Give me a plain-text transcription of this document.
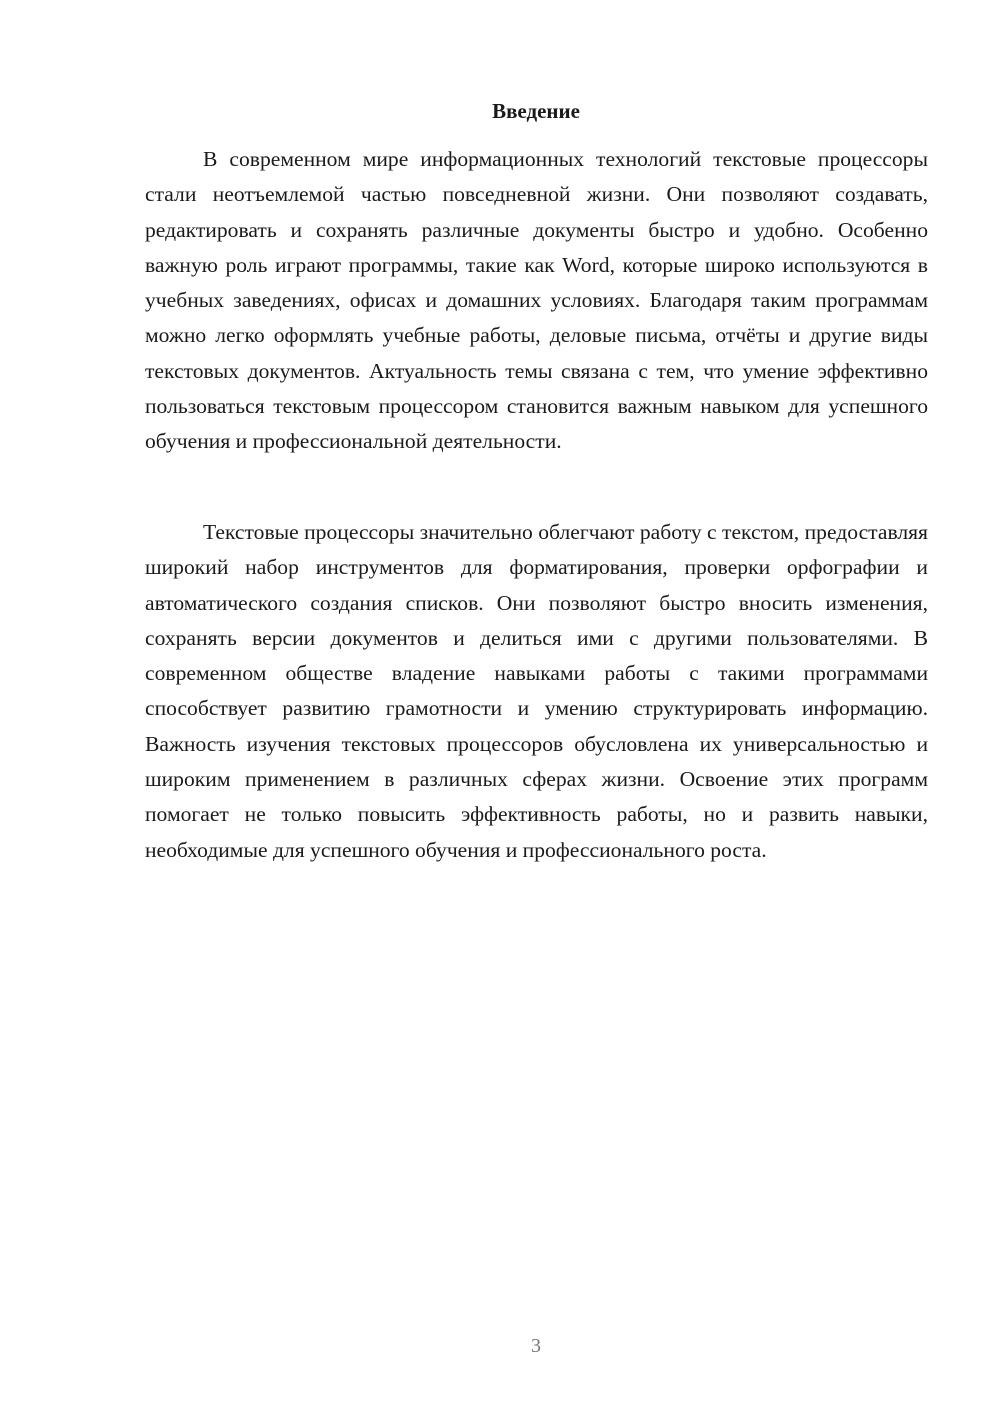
Введение

В современном мире информационных технологий текстовые процессоры стали неотъемлемой частью повседневной жизни. Они позволяют создавать, редактировать и сохранять различные документы быстро и удобно. Особенно важную роль играют программы, такие как Word, которые широко используются в учебных заведениях, офисах и домашних условиях. Благодаря таким программам можно легко оформлять учебные работы, деловые письма, отчёты и другие виды текстовых документов. Актуальность темы связана с тем, что умение эффективно пользоваться текстовым процессором становится важным навыком для успешного обучения и профессиональной деятельности.

Текстовые процессоры значительно облегчают работу с текстом, предоставляя широкий набор инструментов для форматирования, проверки орфографии и автоматического создания списков. Они позволяют быстро вносить изменения, сохранять версии документов и делиться ими с другими пользователями. В современном обществе владение навыками работы с такими программами способствует развитию грамотности и умению структурировать информацию. Важность изучения текстовых процессоров обусловлена их универсальностью и широким применением в различных сферах жизни. Освоение этих программ помогает не только повысить эффективность работы, но и развить навыки, необходимые для успешного обучения и профессионального роста.

3
